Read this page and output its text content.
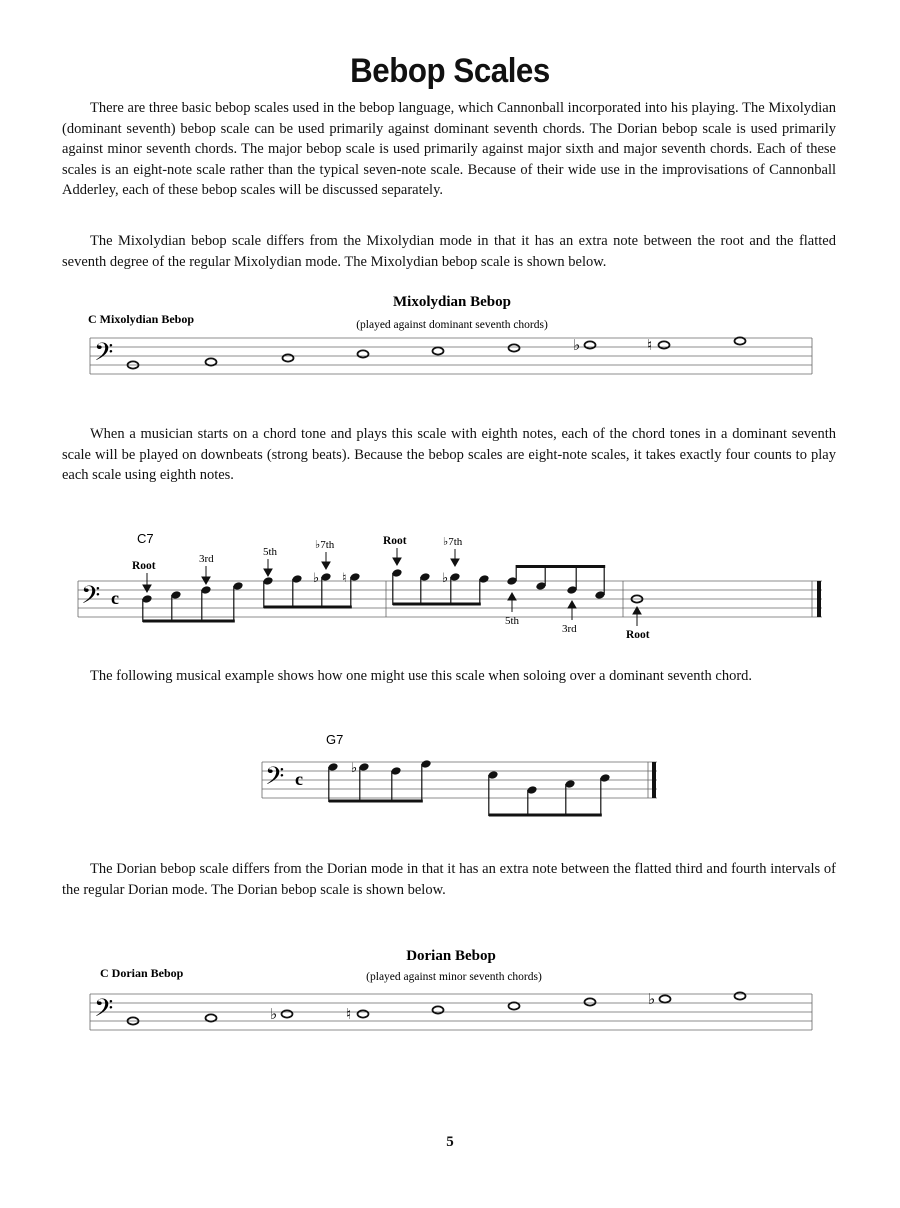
Bebop Scales

There are three basic bebop scales used in the bebop language, which Cannonball incorporated into his playing. The Mixolydian (dominant seventh) bebop scale can be used primarily against dominant seventh chords. The Dorian bebop scale is used primarily against minor seventh chords. The major bebop scale is used primarily against major sixth and major seventh chords. Each of these scales is an eight-note scale rather than the typical seven-note scale. Because of their wide use in the improvisations of Cannonball Adderley, each of these bebop scales will be discussed separately.

The Mixolydian bebop scale differs from the Mixolydian mode in that it has an extra note between the root and the flatted seventh degree of the regular Mixolydian mode. The Mixolydian bebop scale is shown below.

Mixolydian Bebop
(played against dominant seventh chords)
C Mixolydian Bebop
𝄢	♭	♮
C7
𝄢 c
♭ ♮	♭
Root
3rd
5th
♭7th	Root	♭7th
5th
3rd	Root
G7
𝄢 c
♭
Dorian Bebop
(played against minor seventh chords)
C Dorian Bebop
𝄢	♭	♮
♭

When a musician starts on a chord tone and plays this scale with eighth notes, each of the chord tones in a dominant seventh scale will be played on downbeats (strong beats). Because the bebop scales are eight-note scales, it takes exactly four counts to play each scale using eighth notes.

The following musical example shows how one might use this scale when soloing over a dominant seventh chord.

The Dorian bebop scale differs from the Dorian mode in that it has an extra note between the flatted third and fourth intervals of the regular Dorian mode. The Dorian bebop scale is shown below.

5
